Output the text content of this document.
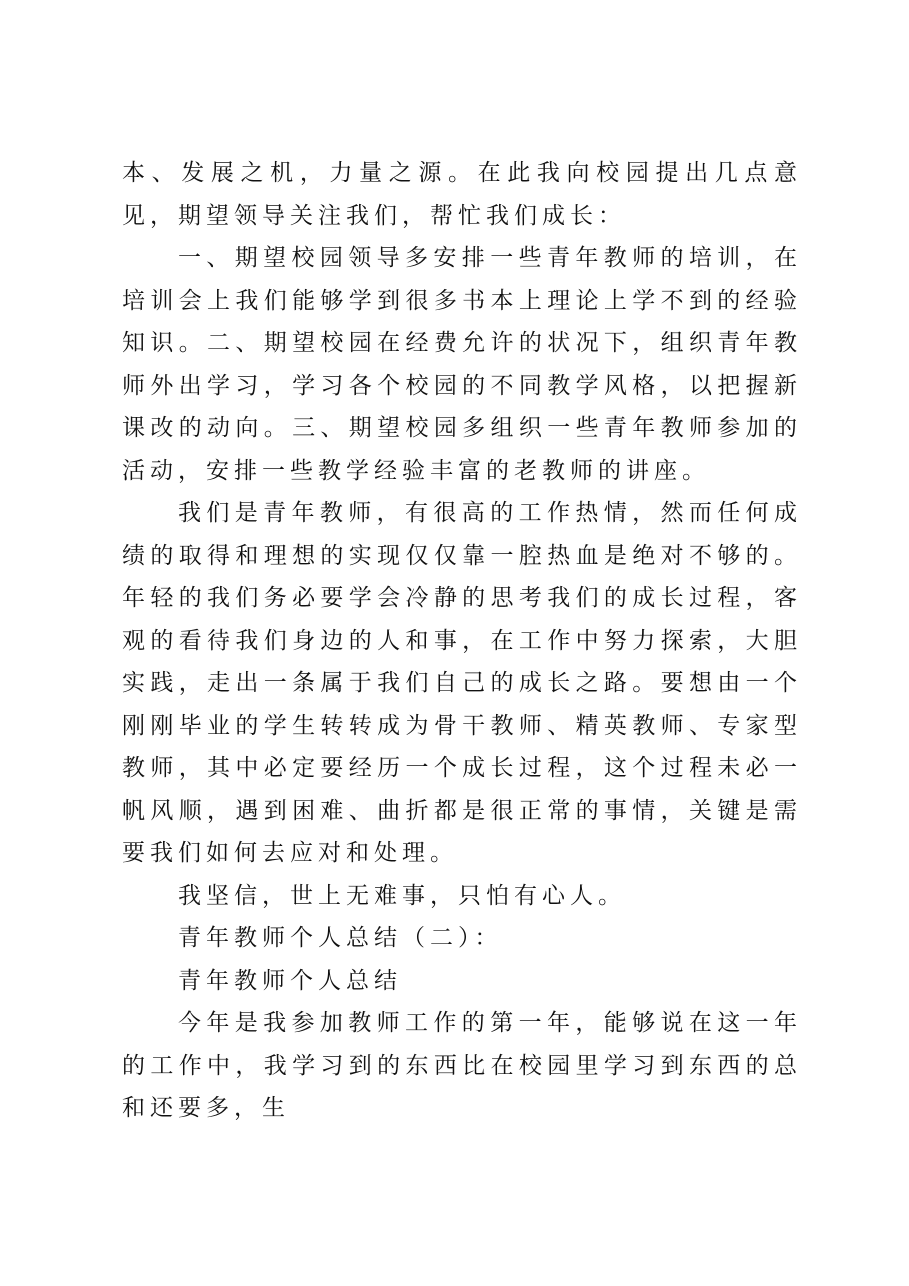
本、发展之机，力量之源。在此我向校园提出几点意见，期望领导关注我们，帮忙我们成长：

一、期望校园领导多安排一些青年教师的培训，在培训会上我们能够学到很多书本上理论上学不到的经验知识。二、期望校园在经费允许的状况下，组织青年教师外出学习，学习各个校园的不同教学风格，以把握新课改的动向。三、期望校园多组织一些青年教师参加的活动，安排一些教学经验丰富的老教师的讲座。

我们是青年教师，有很高的工作热情，然而任何成绩的取得和理想的实现仅仅靠一腔热血是绝对不够的。年轻的我们务必要学会冷静的思考我们的成长过程，客观的看待我们身边的人和事，在工作中努力探索，大胆实践，走出一条属于我们自己的成长之路。要想由一个刚刚毕业的学生转转成为骨干教师、精英教师、专家型教师，其中必定要经历一个成长过程，这个过程未必一帆风顺，遇到困难、曲折都是很正常的事情，关键是需要我们如何去应对和处理。

我坚信，世上无难事，只怕有心人。

青年教师个人总结（二）：

青年教师个人总结

今年是我参加教师工作的第一年，能够说在这一年的工作中，我学习到的东西比在校园里学习到东西的总和还要多，生
